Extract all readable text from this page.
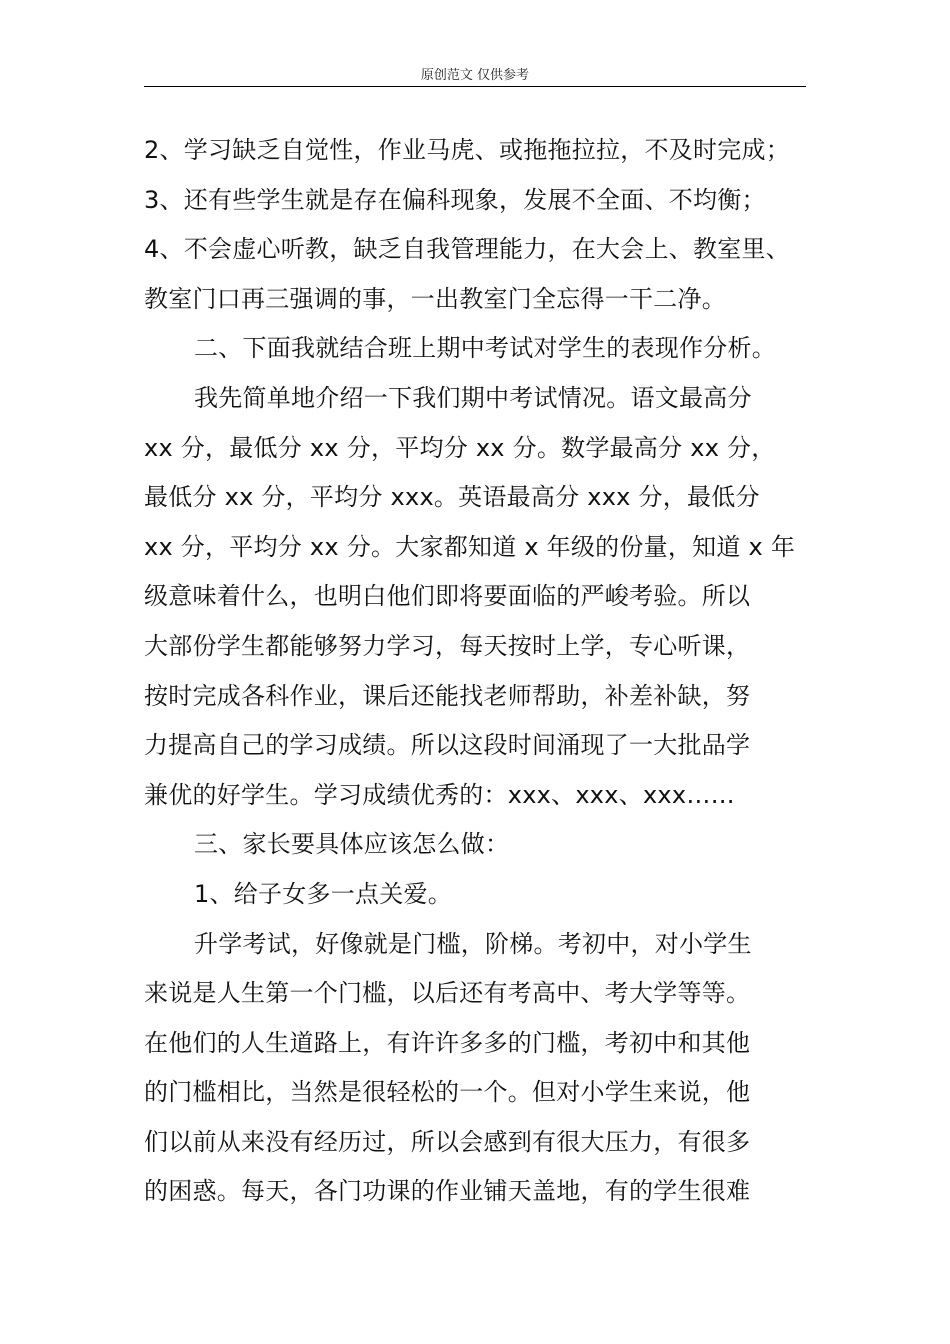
原创范文 仅供参考
2、学习缺乏自觉性，作业马虎、或拖拖拉拉，不及时完成；
3、还有些学生就是存在偏科现象，发展不全面、不均衡；
4、不会虚心听教，缺乏自我管理能力，在大会上、教室里、
教室门口再三强调的事，一出教室门全忘得一干二净。
二、下面我就结合班上期中考试对学生的表现作分析。
我先简单地介绍一下我们期中考试情况。语文最高分
xx 分，最低分 xx 分，平均分 xx 分。数学最高分 xx 分，
最低分 xx 分，平均分 xxx。英语最高分 xxx 分，最低分
xx 分，平均分 xx 分。大家都知道 x 年级的份量，知道 x 年
级意味着什么，也明白他们即将要面临的严峻考验。所以
大部份学生都能够努力学习，每天按时上学，专心听课，
按时完成各科作业，课后还能找老师帮助，补差补缺，努
力提高自己的学习成绩。所以这段时间涌现了一大批品学
兼优的好学生。学习成绩优秀的：xxx、xxx、xxx……
三、家长要具体应该怎么做：
1、给子女多一点关爱。
升学考试，好像就是门槛，阶梯。考初中，对小学生
来说是人生第一个门槛，以后还有考高中、考大学等等。
在他们的人生道路上，有许许多多的门槛，考初中和其他
的门槛相比，当然是很轻松的一个。但对小学生来说，他
们以前从来没有经历过，所以会感到有很大压力，有很多
的困惑。每天，各门功课的作业铺天盖地，有的学生很难
